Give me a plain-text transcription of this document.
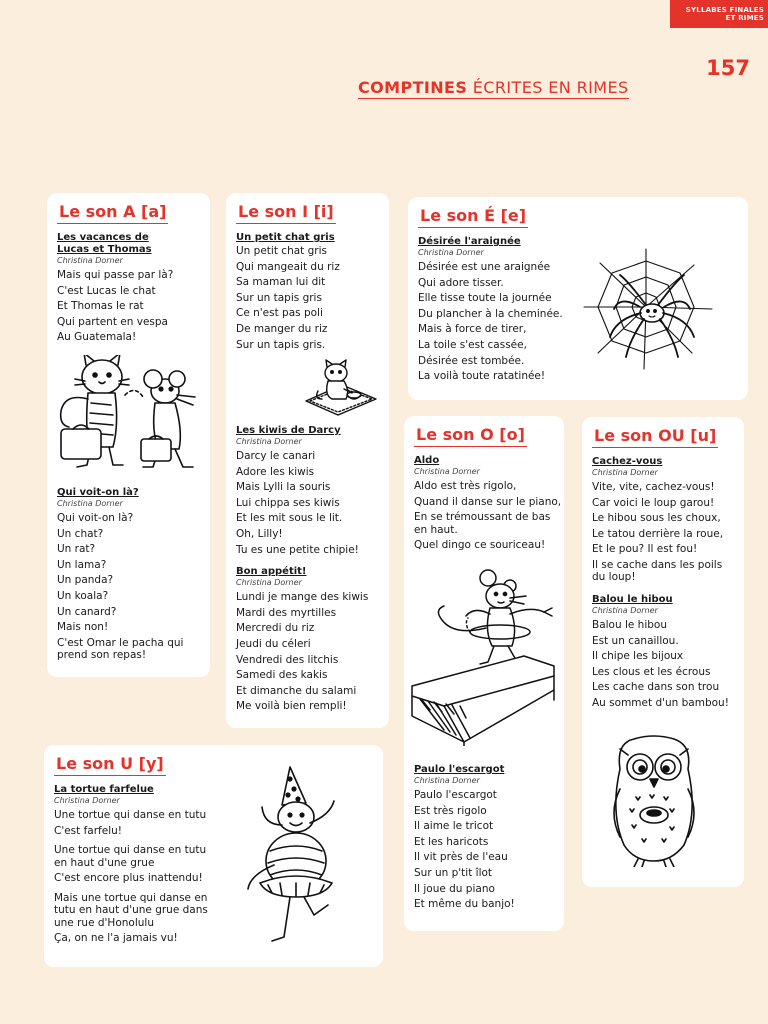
SYLLABES FINALES
ET RIMES
157
COMPTINES ÉCRITES EN RIMES
Le son A [a]
Les vacances de Lucas et Thomas
Christina Dorner
Mais qui passe par là?
C'est Lucas le chat
Et Thomas le rat
Qui partent en vespa
Au Guatemala!
Qui voit-on là?
Christina Dorner
Qui voit-on là?
Un chat?
Un rat?
Un lama?
Un panda?
Un koala?
Un canard?
Mais non!
C'est Omar le pacha qui prend son repas!
Le son I [i]
Un petit chat gris
Un petit chat gris
Qui mangeait du riz
Sa maman lui dit
Sur un tapis gris
Ce n'est pas poli
De manger du riz
Sur un tapis gris.
Les kiwis de Darcy
Christina Dorner
Darcy le canari
Adore les kiwis
Mais Lylli la souris
Lui chippa ses kiwis
Et les mit sous le lit.
Oh, Lilly!
Tu es une petite chipie!
Bon appétit!
Christina Dorner
Lundi je mange des kiwis
Mardi des myrtilles
Mercredi du riz
Jeudi du céleri
Vendredi des litchis
Samedi des kakis
Et dimanche du salami
Me voilà bien rempli!
Le son É [e]
Désirée l'araignée
Christina Dorner
Désirée est une araignée
Qui adore tisser.
Elle tisse toute la journée
Du plancher à la cheminée.
Mais à force de tirer,
La toile s'est cassée,
Désirée est tombée.
La voilà toute ratatinée!
Le son O [o]
Aldo
Christina Dorner
Aldo est très rigolo,
Quand il danse sur le piano,
En se trémoussant de bas en haut.
Quel dingo ce souriceau!
Paulo l'escargot
Christina Dorner
Paulo l'escargot
Est très rigolo
Il aime le tricot
Et les haricots
Il vit près de l'eau
Sur un p'tit îlot
Il joue du piano
Et même du banjo!
Le son OU [u]
Cachez-vous
Christina Dorner
Vite, vite, cachez-vous!
Car voici le loup garou!
Le hibou sous les choux,
Le tatou derrière la roue,
Et le pou? Il est fou!
Il se cache dans les poils du loup!
Balou le hibou
Christina Dorner
Balou le hibou
Est un canaillou.
Il chipe les bijoux
Les clous et les écrous
Les cache dans son trou
Au sommet d'un bambou!
Le son U [y]
La tortue farfelue
Christina Dorner
Une tortue qui danse en tutu
C'est farfelu!
Une tortue qui danse en tutu en haut d'une grue
C'est encore plus inattendu!
Mais une tortue qui danse en tutu en haut d'une grue dans une rue d'Honolulu
Ça, on ne l'a jamais vu!
